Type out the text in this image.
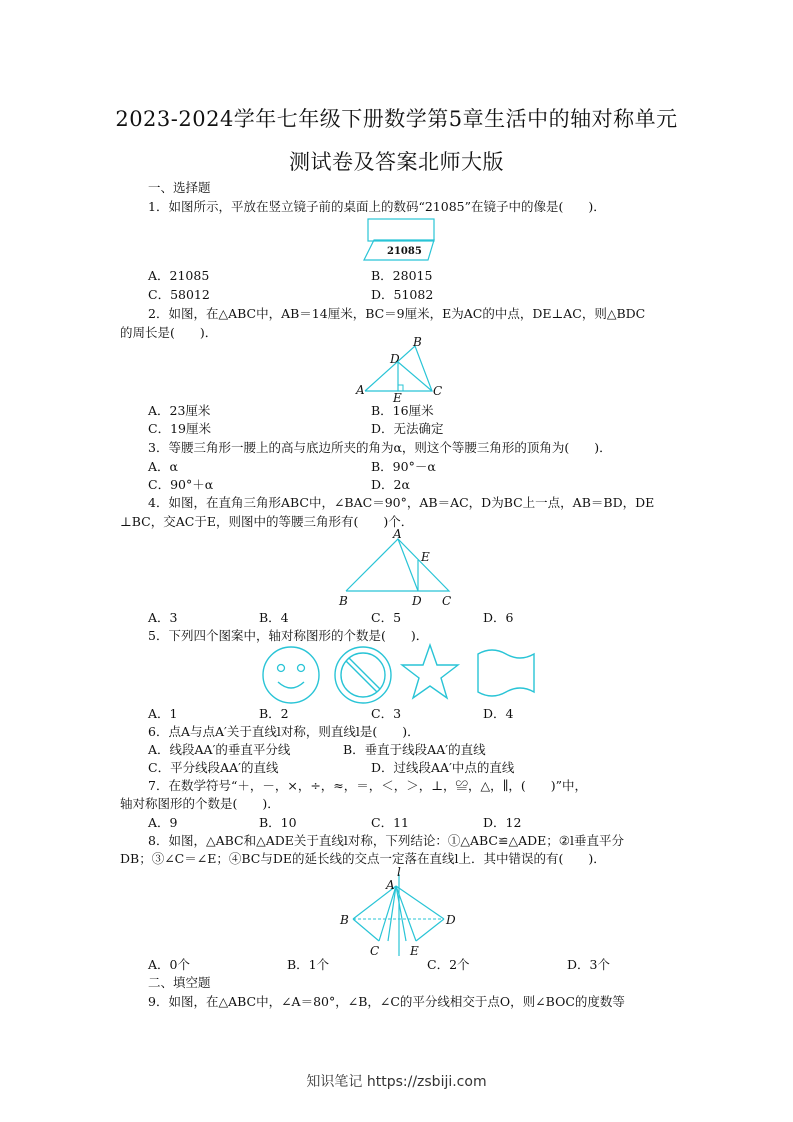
2023-2024学年七年级下册数学第5章生活中的轴对称单元
测试卷及答案北师大版
一、选择题
1．如图所示，平放在竖立镜子前的桌面上的数码“21085”在镜子中的像是(　　)．
21085
A．21085	B．28015
C．58012	D．51082
2．如图，在△ABC中，AB＝14厘米，BC＝9厘米，E为AC的中点，DE⊥AC，则△BDC
的周长是(　　)．
A
B
C
D
E
A．23厘米	B．16厘米
C．19厘米	D．无法确定
3．等腰三角形一腰上的高与底边所夹的角为α，则这个等腰三角形的顶角为(　　)．
A．α	B．90°－α
C．90°＋α	D．2α
4．如图，在直角三角形ABC中，∠BAC＝90°，AB＝AC，D为BC上一点，AB＝BD，DE
⊥BC，交AC于E，则图中的等腰三角形有(　　)个．
A
B	C
D
E
A．3	B．4	C．5	D．6
5．下列四个图案中，轴对称图形的个数是(　　)．
A．1	B．2	C．3	D．4
6．点A与点A′关于直线l对称，则直线l是(　　)．
A．线段AA′的垂直平分线	B．垂直于线段AA′的直线
C．平分线段AA′的直线	D．过线段AA′中点的直线
7．在数学符号“＋，－，×，÷，≈，＝，＜，＞，⊥，≌，△，∥，(　　)”中，
轴对称图形的个数是(　　)．
A．9	B．10	C．11	D．12
8．如图，△ABC和△ADE关于直线l对称，下列结论：①△ABC≌△ADE；②l垂直平分
DB；③∠C＝∠E；④BC与DE的延长线的交点一定落在直线l上．其中错误的有(　　)．
l
A
B	D
C	E
A．0个	B．1个	C．2个	D．3个
二、填空题
9．如图，在△ABC中，∠A＝80°，∠B，∠C的平分线相交于点O，则∠BOC的度数等
知识笔记 https://zsbiji.com
